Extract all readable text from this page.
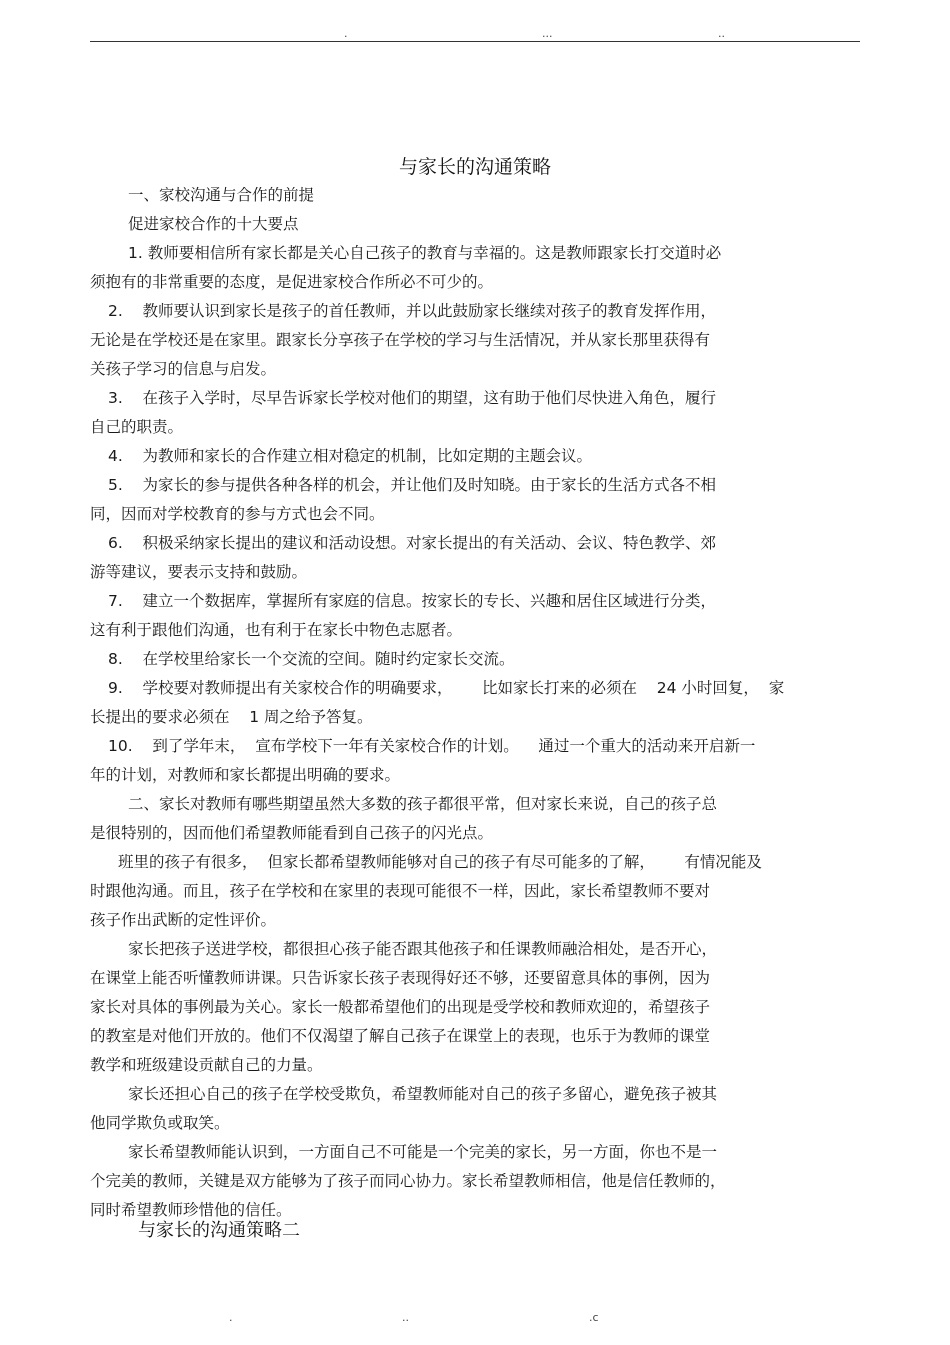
.	...	..
与家长的沟通策略
一、家校沟通与合作的前提
促进家校合作的十大要点
1. 教师要相信所有家长都是关心自己孩子的教育与幸福的。这是教师跟家长打交道时必
须抱有的非常重要的态度，是促进家校合作所必不可少的。
2.    教师要认识到家长是孩子的首任教师，并以此鼓励家长继续对孩子的教育发挥作用，
无论是在学校还是在家里。跟家长分享孩子在学校的学习与生活情况，并从家长那里获得有
关孩子学习的信息与启发。
3.    在孩子入学时，尽早告诉家长学校对他们的期望，这有助于他们尽快进入角色，履行
自己的职责。
4.    为教师和家长的合作建立相对稳定的机制，比如定期的主题会议。
5.    为家长的参与提供各种各样的机会，并让他们及时知晓。由于家长的生活方式各不相
同，因而对学校教育的参与方式也会不同。
6.    积极采纳家长提出的建议和活动设想。对家长提出的有关活动、会议、特色教学、郊
游等建议，要表示支持和鼓励。
7.    建立一个数据库，掌握所有家庭的信息。按家长的专长、兴趣和居住区域进行分类，
这有利于跟他们沟通，也有利于在家长中物色志愿者。
8.    在学校里给家长一个交流的空间。随时约定家长交流。
9.    学校要对教师提出有关家校合作的明确要求，      比如家长打来的必须在    24 小时回复，  家
长提出的要求必须在    1 周之给予答复。
10.    到了学年末，  宣布学校下一年有关家校合作的计划。    通过一个重大的活动来开启新一
年的计划，对教师和家长都提出明确的要求。
二、家长对教师有哪些期望虽然大多数的孩子都很平常，但对家长来说，自己的孩子总
是很特别的，因而他们希望教师能看到自己孩子的闪光点。
班里的孩子有很多，  但家长都希望教师能够对自己的孩子有尽可能多的了解，      有情况能及
时跟他沟通。而且，孩子在学校和在家里的表现可能很不一样，因此，家长希望教师不要对
孩子作出武断的定性评价。
家长把孩子送进学校，都很担心孩子能否跟其他孩子和任课教师融洽相处，是否开心，
在课堂上能否听懂教师讲课。只告诉家长孩子表现得好还不够，还要留意具体的事例，因为
家长对具体的事例最为关心。家长一般都希望他们的出现是受学校和教师欢迎的，希望孩子
的教室是对他们开放的。他们不仅渴望了解自己孩子在课堂上的表现，也乐于为教师的课堂
教学和班级建设贡献自己的力量。
家长还担心自己的孩子在学校受欺负，希望教师能对自己的孩子多留心，避免孩子被其
他同学欺负或取笑。
家长希望教师能认识到，一方面自己不可能是一个完美的家长，另一方面，你也不是一
个完美的教师，关键是双方能够为了孩子而同心协力。家长希望教师相信，他是信任教师的，
同时希望教师珍惜他的信任。
与家长的沟通策略二
.	..	.c
